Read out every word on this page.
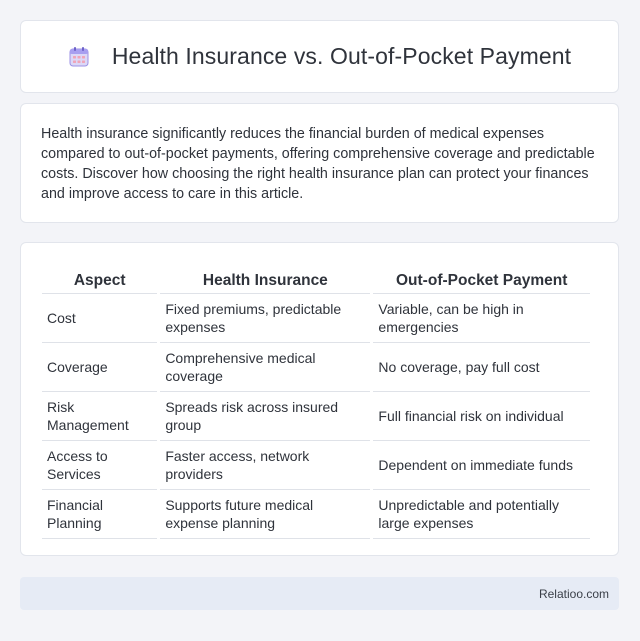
Health Insurance vs. Out-of-Pocket Payment

Health insurance significantly reduces the financial burden of medical expenses compared to out-of-pocket payments, offering comprehensive coverage and predictable costs. Discover how choosing the right health insurance plan can protect your finances and improve access to care in this article.

Aspect	Health Insurance	Out-of-Pocket Payment
Cost	Fixed premiums, predictable expenses	Variable, can be high in emergencies
Coverage	Comprehensive medical coverage	No coverage, pay full cost
Risk Management	Spreads risk across insured group	Full financial risk on individual
Access to Services	Faster access, network providers	Dependent on immediate funds
Financial Planning	Supports future medical expense planning	Unpredictable and potentially large expenses
Relatioo.com
